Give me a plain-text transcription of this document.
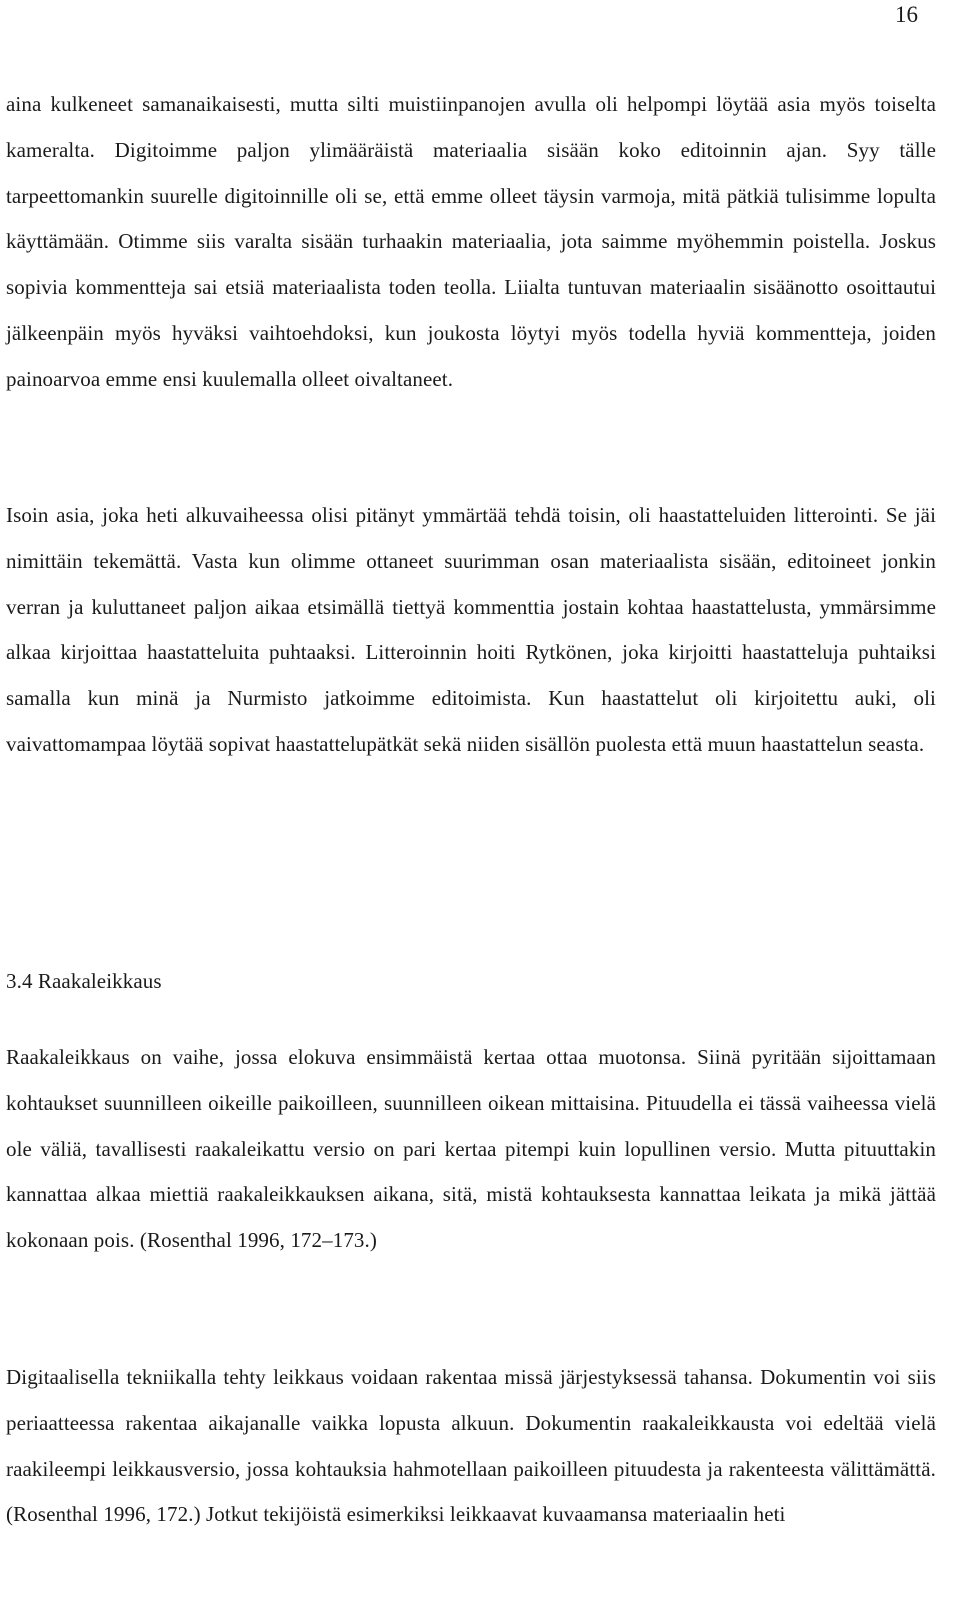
16

aina kulkeneet samanaikaisesti, mutta silti muistiinpanojen avulla oli helpompi löytää asia myös toiselta kameralta. Digitoimme paljon ylimääräistä materiaalia sisään koko editoinnin ajan. Syy tälle tarpeettomankin suurelle digitoinnille oli se, että emme olleet täysin varmoja, mitä pätkiä tulisimme lopulta käyttämään. Otimme siis varalta sisään turhaakin materiaalia, jota saimme myöhemmin poistella. Joskus sopivia kommentteja sai etsiä materiaalista toden teolla. Liialta tuntuvan materiaalin sisäänotto osoittautui jälkeenpäin myös hyväksi vaihtoehdoksi, kun joukosta löytyi myös todella hyviä kommentteja, joiden painoarvoa emme ensi kuulemalla olleet oivaltaneet.

Isoin asia, joka heti alkuvaiheessa olisi pitänyt ymmärtää tehdä toisin, oli haastatteluiden litterointi. Se jäi nimittäin tekemättä. Vasta kun olimme ottaneet suurimman osan materiaalista sisään, editoineet jonkin verran ja kuluttaneet paljon aikaa etsimällä tiettyä kommenttia jostain kohtaa haastattelusta, ymmärsimme alkaa kirjoittaa haastatteluita puhtaaksi. Litteroinnin hoiti Rytkönen, joka kirjoitti haastatteluja puhtaiksi samalla kun minä ja Nurmisto jatkoimme editoimista. Kun haastattelut oli kirjoitettu auki, oli vaivattomampaa löytää sopivat haastattelupätkät sekä niiden sisällön puolesta että muun haastattelun seasta.

3.4 Raakaleikkaus

Raakaleikkaus on vaihe, jossa elokuva ensimmäistä kertaa ottaa muotonsa. Siinä pyritään sijoittamaan kohtaukset suunnilleen oikeille paikoilleen, suunnilleen oikean mittaisina. Pituudella ei tässä vaiheessa vielä ole väliä, tavallisesti raakaleikattu versio on pari kertaa pitempi kuin lopullinen versio. Mutta pituuttakin kannattaa alkaa miettiä raakaleikkauksen aikana, sitä, mistä kohtauksesta kannattaa leikata ja mikä jättää kokonaan pois. (Rosenthal 1996, 172–173.)

Digitaalisella tekniikalla tehty leikkaus voidaan rakentaa missä järjestyksessä tahansa. Dokumentin voi siis periaatteessa rakentaa aikajanalle vaikka lopusta alkuun. Dokumentin raakaleikkausta voi edeltää vielä raakileempi leikkausversio, jossa kohtauksia hahmotellaan paikoilleen pituudesta ja rakenteesta välittämättä. (Rosenthal 1996, 172.) Jotkut tekijöistä esimerkiksi leikkaavat kuvaamansa materiaalin heti
